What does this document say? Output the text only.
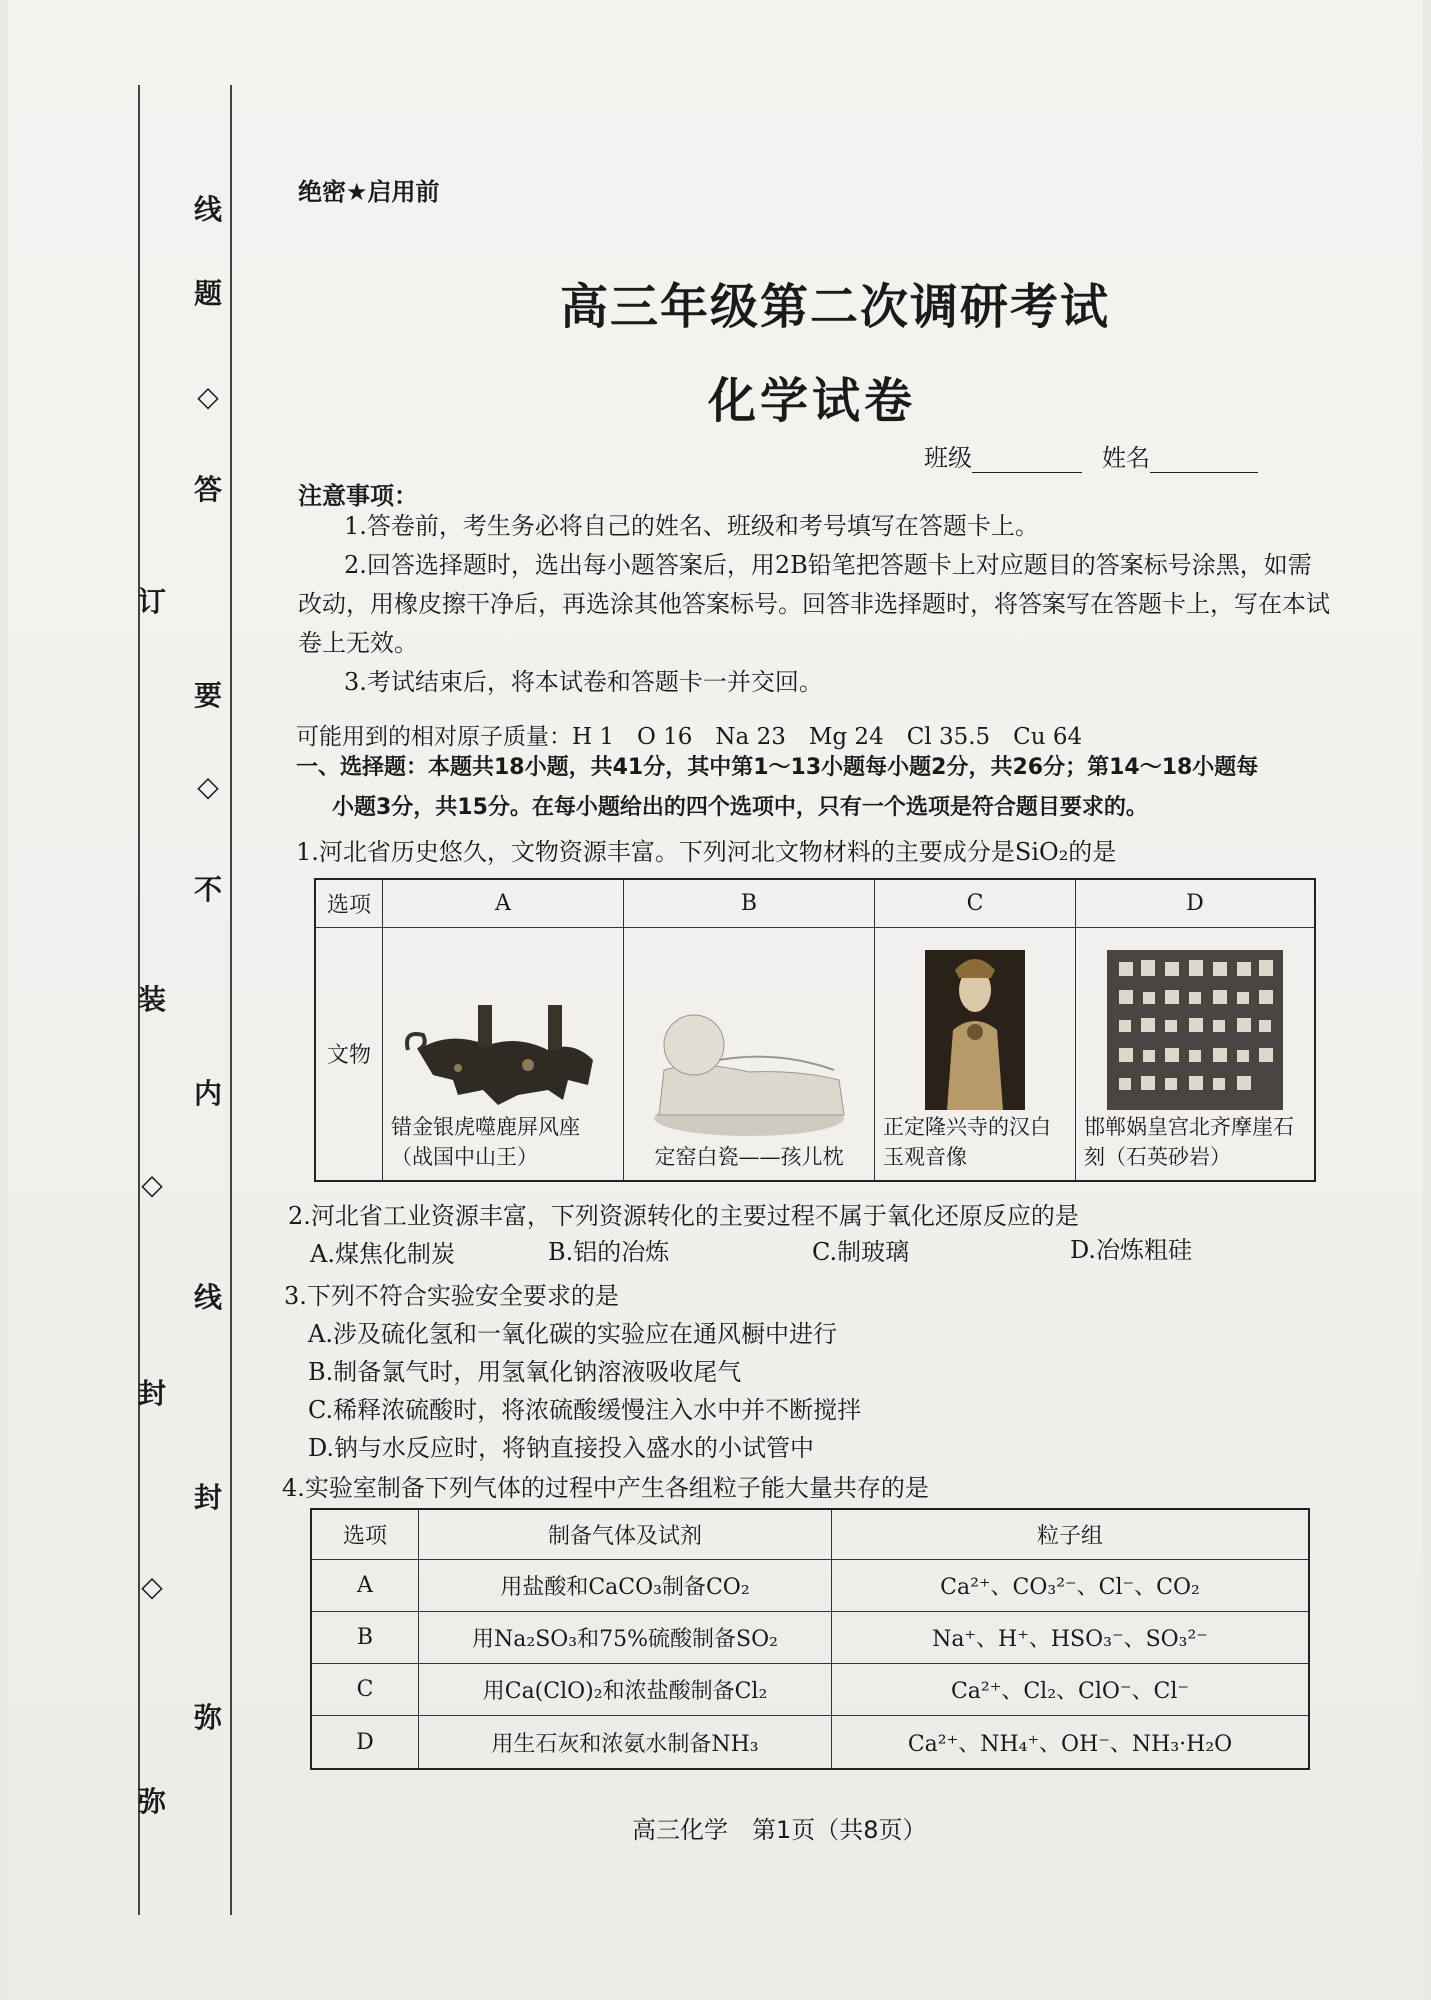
线
题
◇
答
订
要
◇
不
装
内
◇
线
封
封
◇
弥
弥
绝密★启用前
高三年级第二次调研考试
化学试卷
班级	姓名
注意事项：
1.答卷前，考生务必将自己的姓名、班级和考号填写在答题卡上。
2.回答选择题时，选出每小题答案后，用2B铅笔把答题卡上对应题目的答案标号涂黑，如需
改动，用橡皮擦干净后，再选涂其他答案标号。回答非选择题时，将答案写在答题卡上，写在本试
卷上无效。
3.考试结束后，将本试卷和答题卡一并交回。
可能用到的相对原子质量：H 1　O 16　Na 23　Mg 24　Cl 35.5　Cu 64
一、选择题：本题共18小题，共41分，其中第1～13小题每小题2分，共26分；第14～18小题每
小题3分，共15分。在每小题给出的四个选项中，只有一个选项是符合题目要求的。
1.河北省历史悠久，文物资源丰富。下列河北文物材料的主要成分是SiO₂的是
选项	A	B	C	D
文物	错金银虎噬鹿屏风座（战国中山王）	定窑白瓷——孩儿枕	正定隆兴寺的汉白玉观音像	邯郸娲皇宫北齐摩崖石刻（石英砂岩）
2.河北省工业资源丰富，下列资源转化的主要过程不属于氧化还原反应的是
A.煤焦化制炭	B.铝的冶炼	C.制玻璃	D.冶炼粗硅
3.下列不符合实验安全要求的是
A.涉及硫化氢和一氧化碳的实验应在通风橱中进行
B.制备氯气时，用氢氧化钠溶液吸收尾气
C.稀释浓硫酸时，将浓硫酸缓慢注入水中并不断搅拌
D.钠与水反应时，将钠直接投入盛水的小试管中
4.实验室制备下列气体的过程中产生各组粒子能大量共存的是
选项	制备气体及试剂	粒子组
A	用盐酸和CaCO₃制备CO₂	Ca²⁺、CO₃²⁻、Cl⁻、CO₂
B	用Na₂SO₃和75%硫酸制备SO₂	Na⁺、H⁺、HSO₃⁻、SO₃²⁻
C	用Ca(ClO)₂和浓盐酸制备Cl₂	Ca²⁺、Cl₂、ClO⁻、Cl⁻
D	用生石灰和浓氨水制备NH₃	Ca²⁺、NH₄⁺、OH⁻、NH₃·H₂O
高三化学　第1页（共8页）
